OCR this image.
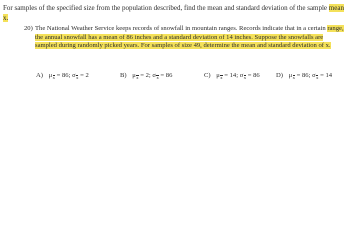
For samples of the specified size from the population described, find the mean and standard deviation of the sample mean x.
20) The National Weather Service keeps records of snowfall in mountain ranges. Records indicate that in a certain range, the annual snowfall has a mean of 86 inches and a standard deviation of 14 inches. Suppose the snowfalls are sampled during randomly picked years. For samples of size 49, determine the mean and standard deviation of x.
A) μx = 86; σx = 2	B) μx = 2; σx = 86	C) μx = 14; σx = 86 D) μx = 86; σx = 14
